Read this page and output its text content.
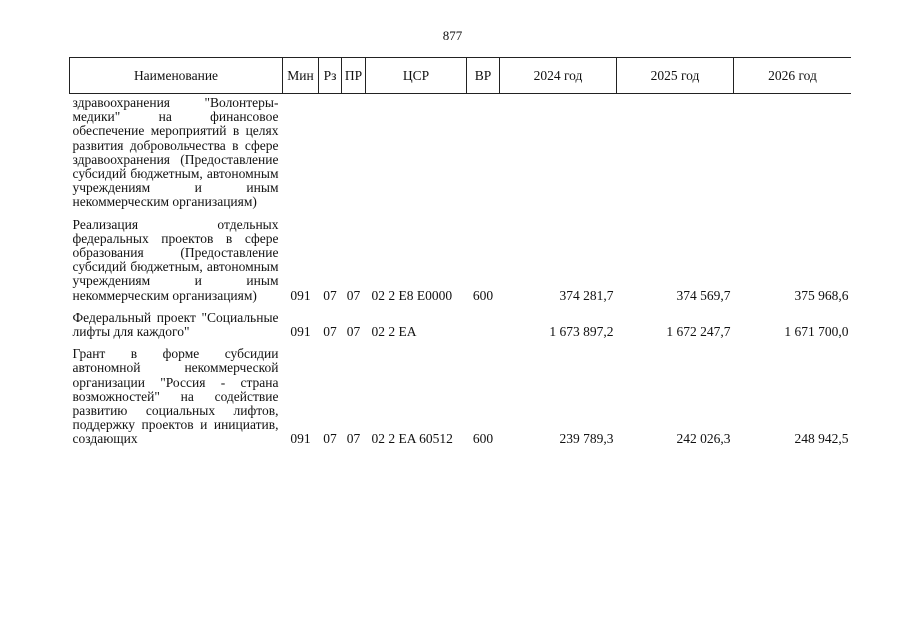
877
Наименование	Мин	Рз	ПР	ЦСР	ВР	2024 год	2025 год	2026 год
здравоохранения "Волонтеры-медики" на финансовое обеспечение мероприятий в целях развития добровольчества в сфере здравоохранения (Предоставление субсидий бюджетным, автономным учреждениям и иным некоммерческим организациям)								
Реализация отдельных федеральных проектов в сфере образования (Предоставление субсидий бюджетным, автономным учреждениям и иным некоммерческим организациям)	091	07	07	02 2 E8 E0000	600	374 281,7	374 569,7	375 968,6
Федеральный проект "Социальные лифты для каждого"	091	07	07	02 2 EA		1 673 897,2	1 672 247,7	1 671 700,0
Грант в форме субсидии автономной некоммерческой организации "Россия - страна возможностей" на содействие развитию социальных лифтов, поддержку проектов и инициатив, создающих	091	07	07	02 2 EA 60512	600	239 789,3	242 026,3	248 942,5
